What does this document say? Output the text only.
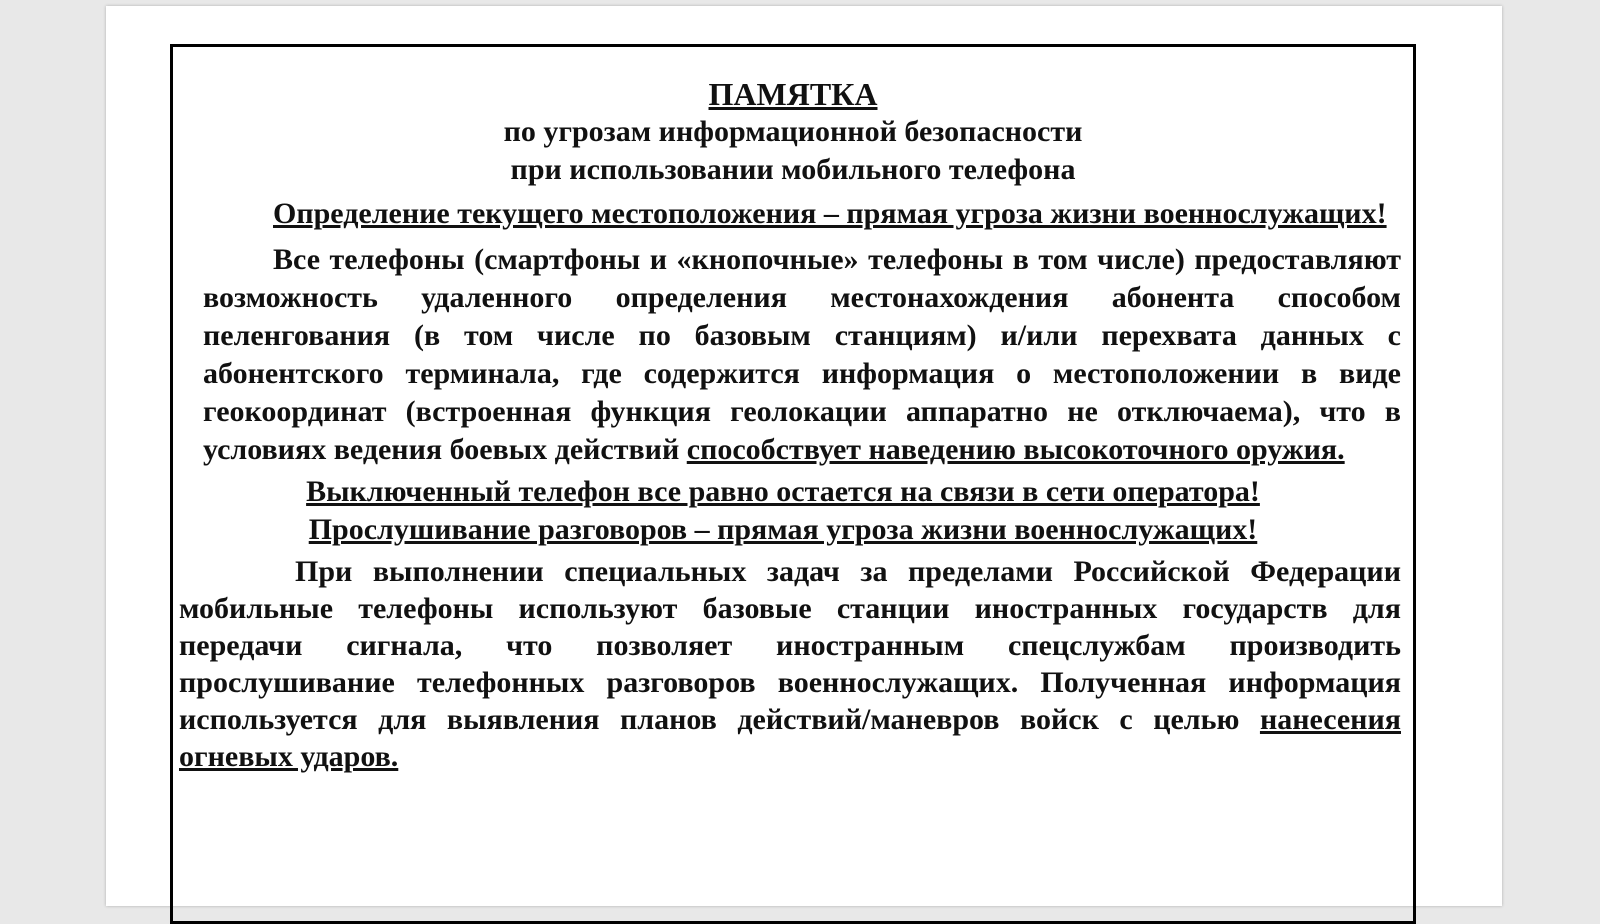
ПАМЯТКА
по угрозам информационной безопасности
при использовании мобильного телефона

Определение текущего местоположения – прямая угроза жизни военнослужащих!

Все телефоны (смартфоны и «кнопочные» телефоны в том числе) предоставляют возможность удаленного определения местонахождения абонента способом пеленгования (в том числе по базовым станциям) и/или перехвата данных с абонентского терминала, где содержится информация о местоположении в виде геокоординат (встроенная функция геолокации аппаратно не отключаема), что в условиях ведения боевых действий способствует наведению высокоточного оружия.

Выключенный телефон все равно остается на связи в сети оператора!
Прослушивание разговоров – прямая угроза жизни военнослужащих!

При выполнении специальных задач за пределами Российской Федерации мобильные телефоны используют базовые станции иностранных государств для передачи сигнала, что позволяет иностранным спецслужбам производить прослушивание телефонных разговоров военнослужащих. Полученная информация используется для выявления планов действий/маневров войск с целью нанесения огневых ударов.
